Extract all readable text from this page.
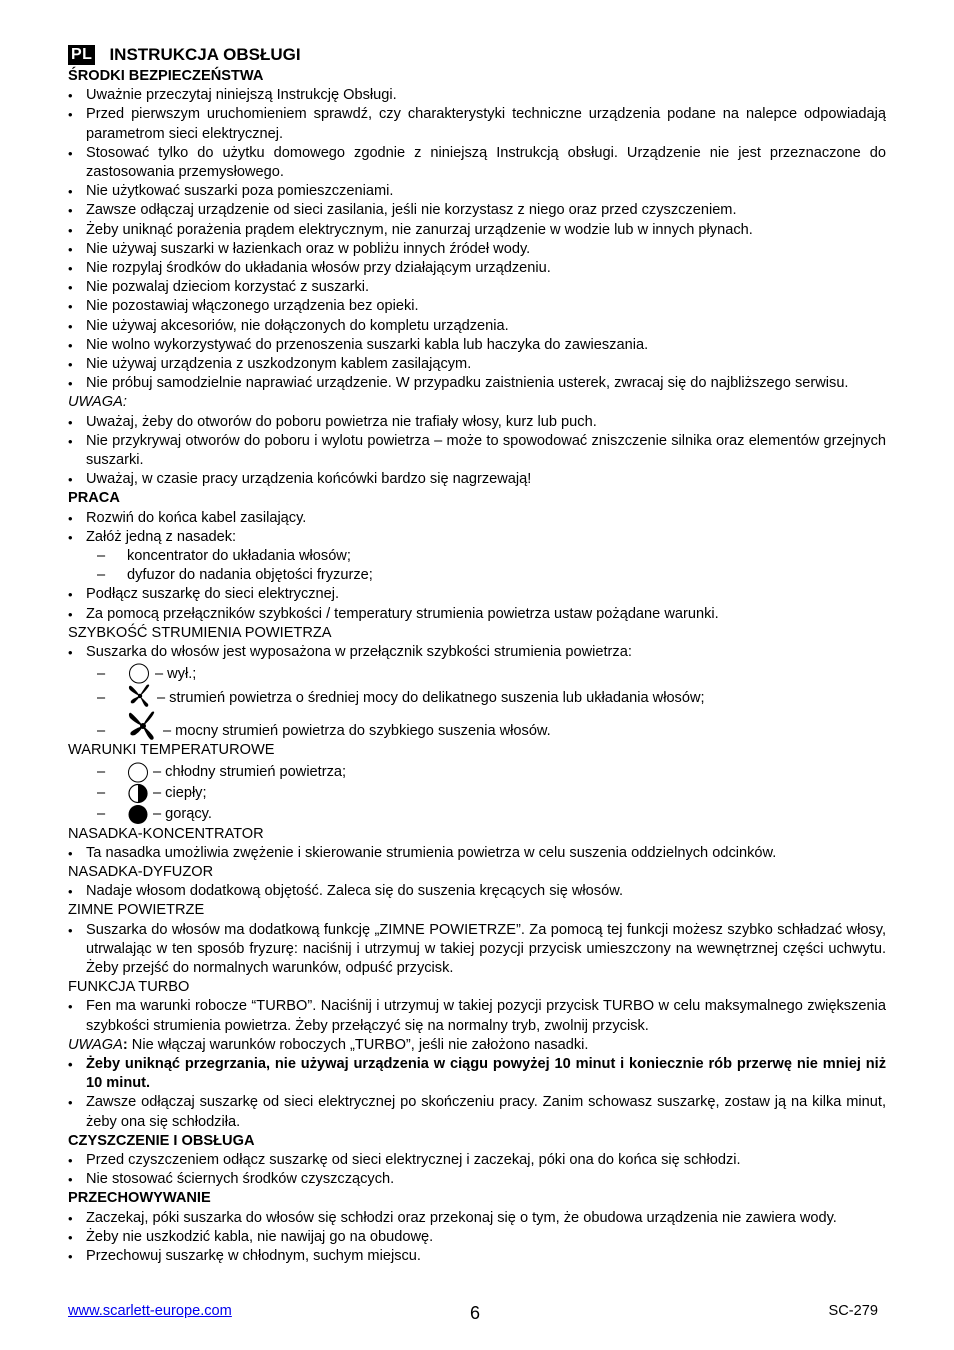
PL INSTRUKCJA OBSŁUGI
ŚRODKI BEZPIECZEŃSTWA
• Uważnie przeczytaj niniejszą Instrukcję Obsługi.
• Przed pierwszym uruchomieniem sprawdź, czy charakterystyki techniczne urządzenia podane na nalepce odpowiadają parametrom sieci elektrycznej.
• Stosować tylko do użytku domowego zgodnie z niniejszą Instrukcją obsługi. Urządzenie nie jest przeznaczone do zastosowania przemysłowego.
• Nie użytkować suszarki poza pomieszczeniami.
• Zawsze odłączaj urządzenie od sieci zasilania, jeśli nie korzystasz z niego oraz przed czyszczeniem.
• Żeby uniknąć porażenia prądem elektrycznym, nie zanurzaj urządzenie w wodzie lub w innych płynach.
• Nie używaj suszarki w łazienkach oraz w pobliżu innych źródeł wody.
• Nie rozpylaj środków do układania włosów przy działającym urządzeniu.
• Nie pozwalaj dzieciom korzystać z suszarki.
• Nie pozostawiaj włączonego urządzenia bez opieki.
• Nie używaj akcesoriów, nie dołączonych do kompletu urządzenia.
• Nie wolno wykorzystywać do przenoszenia suszarki kabla lub haczyka do zawieszania.
• Nie używaj urządzenia z uszkodzonym kablem zasilającym.
• Nie próbuj samodzielnie naprawiać urządzenie. W przypadku zaistnienia usterek, zwracaj się do najbliższego serwisu.
UWAGA:
• Uważaj, żeby do otworów do poboru powietrza nie trafiały włosy, kurz lub puch.
• Nie przykrywaj otworów do poboru i wylotu powietrza – może to spowodować zniszczenie silnika oraz elementów grzejnych suszarki.
• Uważaj, w czasie pracy urządzenia końcówki bardzo się nagrzewają!
PRACA
• Rozwiń do końca kabel zasilający.
• Załóż jedną z nasadek:
– koncentrator do układania włosów;
– dyfuzor do nadania objętości fryzurze;
• Podłącz suszarkę do sieci elektrycznej.
• Za pomocą przełączników szybkości / temperatury strumienia powietrza ustaw pożądane warunki.
SZYBKOŚĆ STRUMIENIA POWIETRZA
• Suszarka do włosów jest wyposażona w przełącznik szybkości strumienia powietrza:
–	– wył.;
–	– strumień powietrza o średniej mocy do delikatnego suszenia lub układania włosów;
–	– mocny strumień powietrza do szybkiego suszenia włosów.
WARUNKI TEMPERATUROWE
–	– chłodny strumień powietrza;
–	– ciepły;
–	– gorący.
NASADKA-KONCENTRATOR
• Ta nasadka umożliwia zwężenie i skierowanie strumienia powietrza w celu suszenia oddzielnych odcinków.
NASADKA-DYFUZOR
• Nadaje włosom dodatkową objętość. Zaleca się do suszenia kręcących się włosów.
ZIMNE POWIETRZE
• Suszarka do włosów ma dodatkową funkcję „ZIMNE POWIETRZE”. Za pomocą tej funkcji możesz szybko schładzać włosy, utrwalając w ten sposób fryzurę: naciśnij i utrzymuj w takiej pozycji przycisk umieszczony na wewnętrznej części uchwytu. Żeby przejść do normalnych warunków, odpuść przycisk.
FUNKCJA TURBO
• Fen ma warunki robocze “TURBO”. Naciśnij i utrzymuj w takiej pozycji przycisk TURBO w celu maksymalnego zwiększenia szybkości strumienia powietrza. Żeby przełączyć się na normalny tryb, zwolnij przycisk.
UWAGA: Nie włączaj warunków roboczych „TURBO”, jeśli nie założono nasadki.
• Żeby uniknąć przegrzania, nie używaj urządzenia w ciągu powyżej 10 minut i koniecznie rób przerwę nie mniej niż 10 minut.
• Zawsze odłączaj suszarkę od sieci elektrycznej po skończeniu pracy. Zanim schowasz suszarkę, zostaw ją na kilka minut, żeby ona się schłodziła.
CZYSZCZENIE I OBSŁUGA
• Przed czyszczeniem odłącz suszarkę od sieci elektrycznej i zaczekaj, póki ona do końca się schłodzi.
• Nie stosować ściernych środków czyszczących.
PRZECHOWYWANIE
• Zaczekaj, póki suszarka do włosów się schłodzi oraz przekonaj się o tym, że obudowa urządzenia nie zawiera wody.
• Żeby nie uszkodzić kabla, nie nawijaj go na obudowę.
• Przechowuj suszarkę w chłodnym, suchym miejscu.
www.scarlett-europe.com	6	SC-279
